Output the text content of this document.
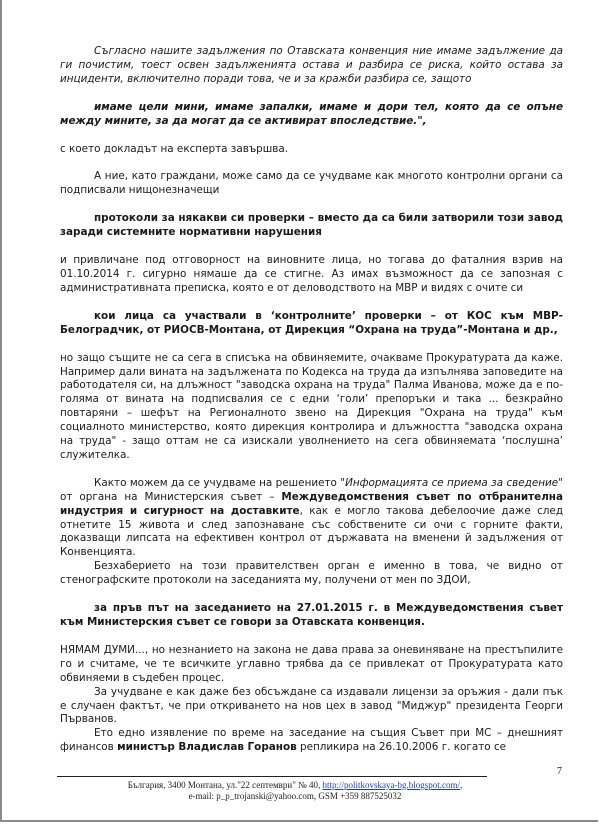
Съгласно нашите задължения по Отавската конвенция ние имаме задължение да ги почистим, тоест освен задълженията остава и разбира се риска, който остава за инциденти, включително поради това, че и за кражби разбира се, защото

имаме цели мини, имаме запалки, имаме и дори тел, която да се опъне между мините, за да могат да се активират впоследствие.",

с което докладът на експерта завършва.

А ние, като граждани, може само да се учудваме как многото контролни органи са подписвали нищонезначещи

протоколи за някакви си проверки – вместо да са били затворили този завод заради системните нормативни нарушения

и привличане под отговорност на виновните лица, но тогава до фаталния взрив на 01.10.2014 г. сигурно нямаше да се стигне. Аз имах възможност да се запозная с административната преписка, която е от деловодството на МВР и видях с очите си

кои лица са участвали в ‘контролните’ проверки – от КОС към МВР-Белоградчик, от РИОСВ-Монтана, от Дирекция “Охрана на труда”-Монтана и др.,

но защо същите не са сега в списъка на обвиняемите, очакваме Прокуратурата да каже. Например дали вината на задължената по Кодекса на труда да изпълнява заповедите на работодателя си, на длъжност "заводска охрана на труда" Палма Иванова, може да е по-голяма от вината на подписвалия се с едни ‘голи’ препоръки и така ... безкрайно повтаряни – шефът на Регионалното звено на Дирекция "Охрана на труда" към социалното министерство, която дирекция контролира и длъжността "заводска охрана на труда" - защо оттам не са изискали уволнението на сега обвиняемата ‘послушна’ служителка.

Както можем да се учудваме на решението "Информацията се приема за сведение" от органа на Министерския съвет – Междуведомствения съвет по отбранителна индустрия и сигурност на доставките, как е могло такова дебелоочие даже след отнетите 15 живота и след запознаване със собствените си очи с горните факти, доказващи липсата на ефективен контрол от държавата на вменени й задължения от Конвенцията.

Безхаберието на този правителствен орган е именно в това, че видно от стенографските протоколи на заседанията му, получени от мен по ЗДОИ,

за пръв път на заседанието на 27.01.2015 г. в Междуведомствения съвет към Министерския съвет се говори за Отавската конвенция.

НЯМАМ ДУМИ..., но незнанието на закона не дава права за оневиняване на престъпилите го и считаме, че те всичките углавно трябва да се привлекат от Прокуратурата като обвиняеми в съдебен процес.

За учудване е как даже без обсъждане са издавали лицензи за оръжия - дали пък е случаен фактът, че при откриването на нов цех в завод "Миджур" президента Георги Първанов.

Ето едно изявление по време на заседание на същия Съвет при МС – днешният финансов министър Владислав Горанов репликира на 26.10.2006 г. когато се

7
България, 3400 Монтана, ул."22 септември" № 40, http://politkovskaya-bg.blogspot.com/,
e-mail: p_p_trojanski@yahoo.com, GSM +359 887525032
